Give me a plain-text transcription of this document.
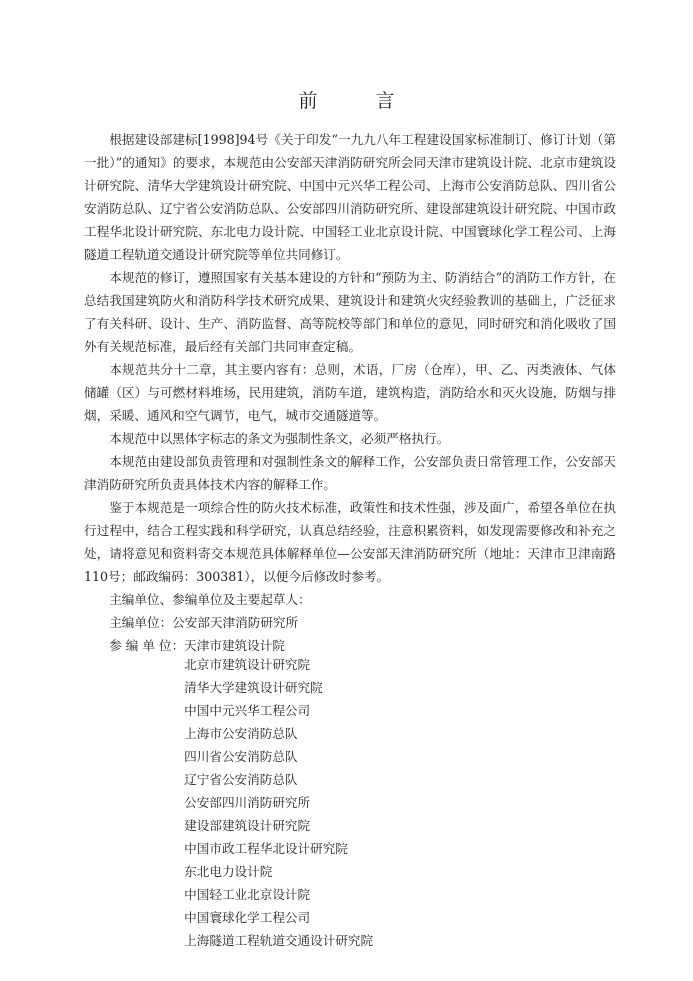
前 言

根据建设部建标[1998]94号《关于印发“一九九八年工程建设国家标准制订、修订计划（第一批）”的通知》的要求，本规范由公安部天津消防研究所会同天津市建筑设计院、北京市建筑设计研究院、清华大学建筑设计研究院、中国中元兴华工程公司、上海市公安消防总队、四川省公安消防总队、辽宁省公安消防总队、公安部四川消防研究所、建设部建筑设计研究院、中国市政工程华北设计研究院、东北电力设计院、中国轻工业北京设计院、中国寰球化学工程公司、上海隧道工程轨道交通设计研究院等单位共同修订。

本规范的修订，遵照国家有关基本建设的方针和“预防为主、防消结合”的消防工作方针，在总结我国建筑防火和消防科学技术研究成果、建筑设计和建筑火灾经验教训的基础上，广泛征求了有关科研、设计、生产、消防监督、高等院校等部门和单位的意见，同时研究和消化吸收了国外有关规范标准，最后经有关部门共同审查定稿。

本规范共分十二章，其主要内容有：总则，术语，厂房（仓库），甲、乙、丙类液体、气体储罐（区）与可燃材料堆场，民用建筑，消防车道，建筑构造，消防给水和灭火设施，防烟与排烟，采暖、通风和空气调节，电气，城市交通隧道等。

本规范中以黑体字标志的条文为强制性条文，必须严格执行。

本规范由建设部负责管理和对强制性条文的解释工作，公安部负责日常管理工作，公安部天津消防研究所负责具体技术内容的解释工作。

鉴于本规范是一项综合性的防火技术标准，政策性和技术性强，涉及面广，希望各单位在执行过程中，结合工程实践和科学研究，认真总结经验，注意积累资料，如发现需要修改和补充之处，请将意见和资料寄交本规范具体解释单位—公安部天津消防研究所（地址：天津市卫津南路110号；邮政编码：300381），以便今后修改时参考。

主编单位、参编单位及主要起草人：

主编单位：公安部天津消防研究所

参 编 单 位：天津市建筑设计院

北京市建筑设计研究院
清华大学建筑设计研究院
中国中元兴华工程公司
上海市公安消防总队
四川省公安消防总队
辽宁省公安消防总队
公安部四川消防研究所
建设部建筑设计研究院
中国市政工程华北设计研究院
东北电力设计院
中国轻工业北京设计院
中国寰球化学工程公司
上海隧道工程轨道交通设计研究院
